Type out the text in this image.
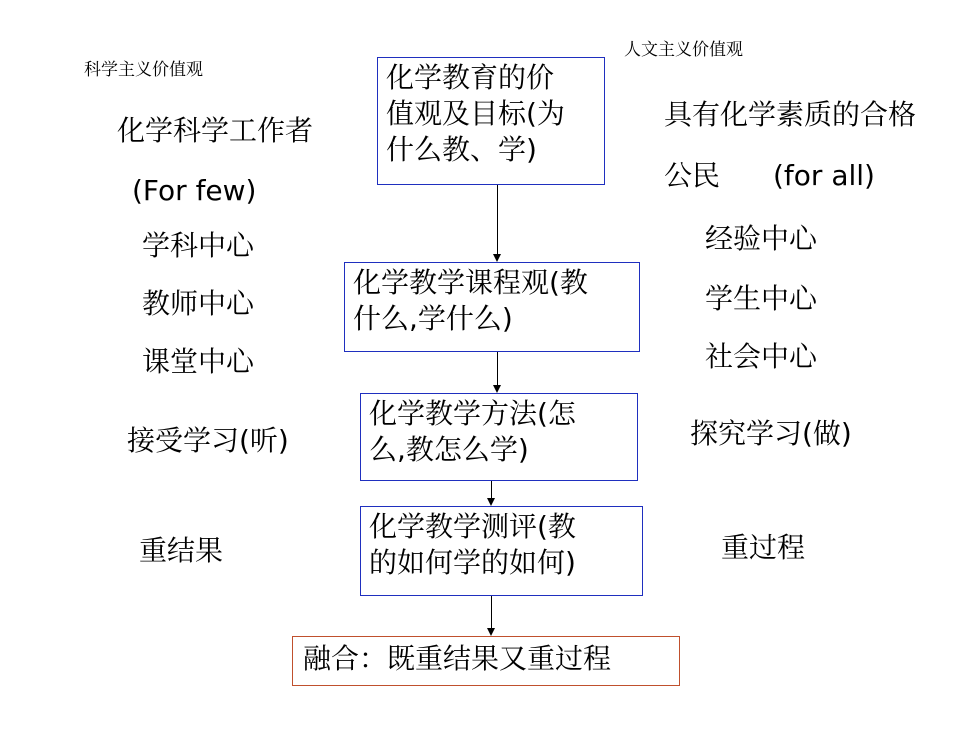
科学主义价值观
化学科学工作者
(For few)
学科中心
教师中心
课堂中心
接受学习(听)
重结果
人文主义价值观
具有化学素质的合格
公民 (for all)
经验中心
学生中心
社会中心
探究学习(做)
重过程
化学教育的价
值观及目标(为
什么教、学)
化学教学课程观(教
什么,学什么)
化学教学方法(怎
么,教怎么学)
化学教学测评(教
的如何学的如何)
融合：既重结果又重过程
